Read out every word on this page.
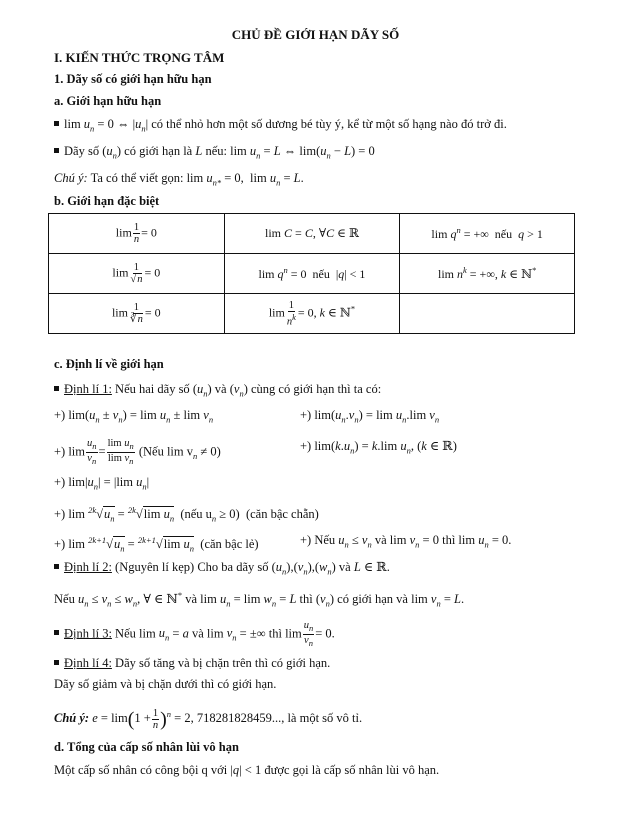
CHỦ ĐỀ GIỚI HẠN DÃY SỐ
I. KIẾN THỨC TRỌNG TÂM
1. Dãy số có giới hạn hữu hạn
a. Giới hạn hữu hạn
$\lim u_n = 0$ ⇔ $|u_n|$ có thể nhỏ hơn một số dương bé tùy ý, kể từ một số hạng nào đó trở đi.
Dãy số $(u_n)$ có giới hạn là L nếu: $\lim u_n = L$ ⇔ $\lim(u_n - L) = 0$
Chú ý: Ta có thể viết gọn: $\lim u_{n*} = 0$,  $\lim u_n = L$.
b. Giới hạn đặc biệt
$\lim \frac{1}{n} = 0$	lim C = C, ∀C ∈ ℝ	$\lim q^n$ = +∞  nếu  q > 1
$\lim \frac{1}{√n} = 0$	$\lim q^n = 0$  nếu  |q| < 1	$\lim n^k$ = +∞, k ∈ ℕ*
$\lim \frac{1}{∛n} = 0$	$\lim \frac{1}{n^k} = 0$, k ∈ ℕ*	
c. Định lí về giới hạn
Định lí 1: Nếu hai dãy số $(u_n)$ và $(v_n)$ cùng có giới hạn thì ta có:
+) $\lim(u_n \pm v_n) = \lim u_n \pm \lim v_n$	+) $\lim(u_n.v_n) = \lim u_n.\lim$ $v_n$
+) $\lim \frac{u_n}{v_n} = \frac{\lim u_n}{\lim v_n}$ (Nếu $\lim v_n \ne 0$)	+) $\lim(k.u_n) = k.\lim$ $u_n$, (k ∈ ℝ)
+) $\lim|u_n| = |\lim$ $u_n|$
+) $\lim ^{2k}√u_n = ^{2k}√\lim$ $u_n$ (nếu $u_n \ge 0$) (căn bậc chẵn)
+) $\lim ^{2k+1}√u_n = ^{2k+1}√\lim$ $u_n$ (căn bậc lẻ)	+) Nếu $u_n \le v_n$ và $\lim v_n = 0$ thì $\lim u_n = 0$.
Định lí 2: (Nguyên lí kẹp) Cho ba dãy số $(u_n),(v_n),(w_n)$ và L ∈ ℝ.
Nếu $u_n \le v_n \le w_n$, ∀ ∈ ℕ* và $\lim u_n = \lim w_n = L$ thì $(v_n)$ có giới hạn và $\lim v_n = L$.
Định lí 3: Nếu $\lim u_n = a$ và $\lim v_n$ = ±∞ thì $\lim \frac{u_n}{v_n} = 0$.
Định lí 4: Dãy số tăng và bị chặn trên thì có giới hạn.
Dãy số giảm và bị chặn dưới thì có giới hạn.
Chú ý: $e = \lim(1 + \frac{1}{n} )^n = 2$, 718281828459..., là một số vô tỉ.
d. Tổng của cấp số nhân lùi vô hạn
Một cấp số nhân có công bội q với |q| < 1 được gọi là cấp số nhân lùi vô hạn.
